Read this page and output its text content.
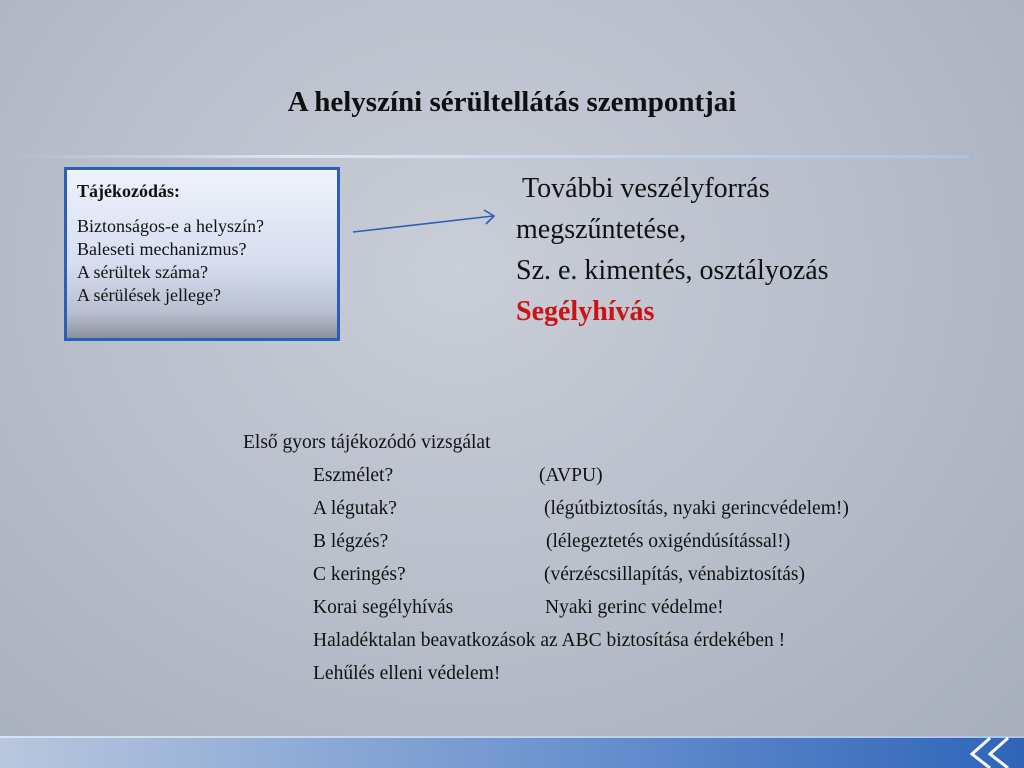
A helyszíni sérültellátás szempontjai
Tájékozódás:
Biztonságos-e a helyszín?
Baleseti mechanizmus?
A sérültek száma?
A sérülések jellege?
További veszélyforrás
megszűntetése,
Sz. e. kimentés, osztályozás
Segélyhívás
Első gyors tájékozódó vizsgálat
Eszmélet?	(AVPU)
A légutak?	(légútbiztosítás, nyaki gerincvédelem!)
B légzés?	(lélegeztetés oxigéndúsítással!)
C keringés?	(vérzéscsillapítás, vénabiztosítás)
Korai segélyhívás	Nyaki gerinc védelme!
Haladéktalan beavatkozások az ABC biztosítása érdekében !
Lehűlés elleni védelem!
